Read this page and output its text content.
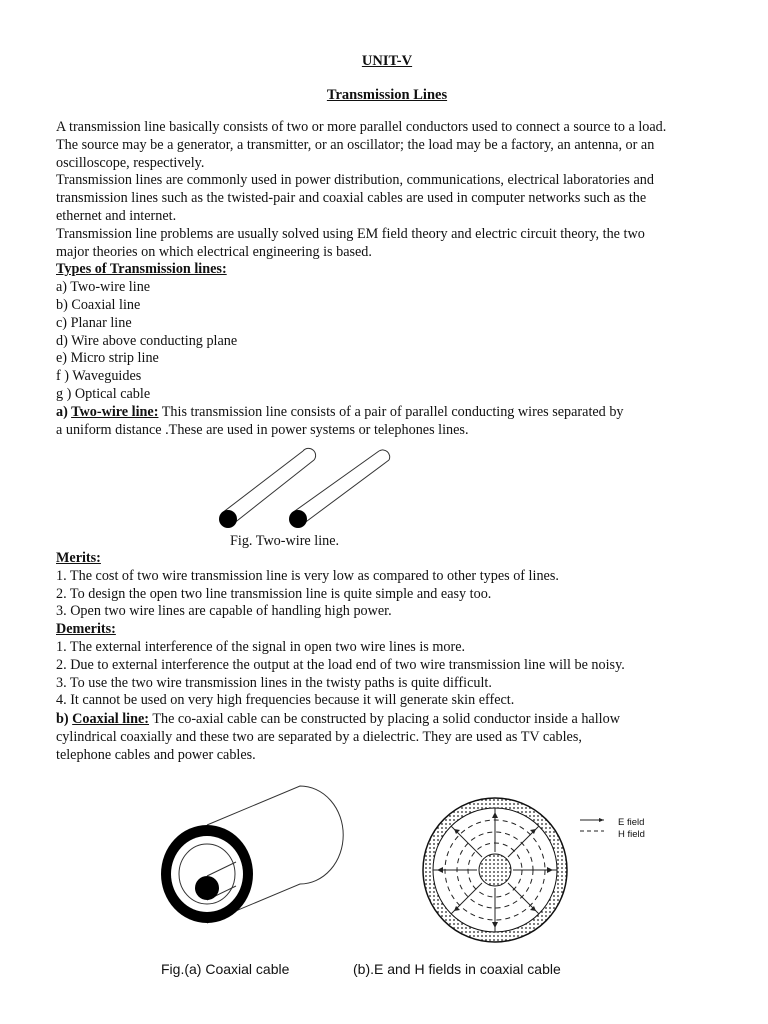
UNIT-V
Transmission Lines
A transmission line basically consists of two or more parallel conductors used to connect a source to a load.
The source may be a generator, a transmitter, or an oscillator; the load may be a factory, an antenna, or an
oscilloscope, respectively.
Transmission lines are commonly used in power distribution, communications, electrical laboratories and
transmission lines such as the twisted-pair and coaxial cables are used in computer networks such as the
ethernet and internet.
Transmission line problems are usually solved using EM field theory and electric circuit theory, the two
major theories on which electrical engineering is based.
Types of Transmission lines:
a) Two-wire line
b) Coaxial line
c) Planar line
d) Wire above conducting plane
e) Micro strip line
f ) Waveguides
g ) Optical cable
a) Two-wire line: This transmission line consists of a pair of parallel conducting wires separated by
a uniform distance .These are used in power systems or telephones lines.
Fig. Two-wire line.
Merits:
1. The cost of two wire transmission line is very low as compared to other types of lines.
2. To design the open two line transmission line is quite simple and easy too.
3. Open two wire lines are capable of handling high power.
Demerits:
1. The external interference of the signal in open two wire lines is more.
2. Due to external interference the output at the load end of two wire transmission line will be noisy.
3. To use the two wire transmission lines in the twisty paths is quite difficult.
4. It cannot be used on very high frequencies because it will generate skin effect.
b) Coaxial line: The co-axial cable can be constructed by placing a solid conductor inside a hallow
cylindrical coaxially and these two are separated by a dielectric. They are used as TV cables,
telephone cables and power cables.
E field
H field
Fig.(a) Coaxial cable	(b).E and H fields in coaxial cable
